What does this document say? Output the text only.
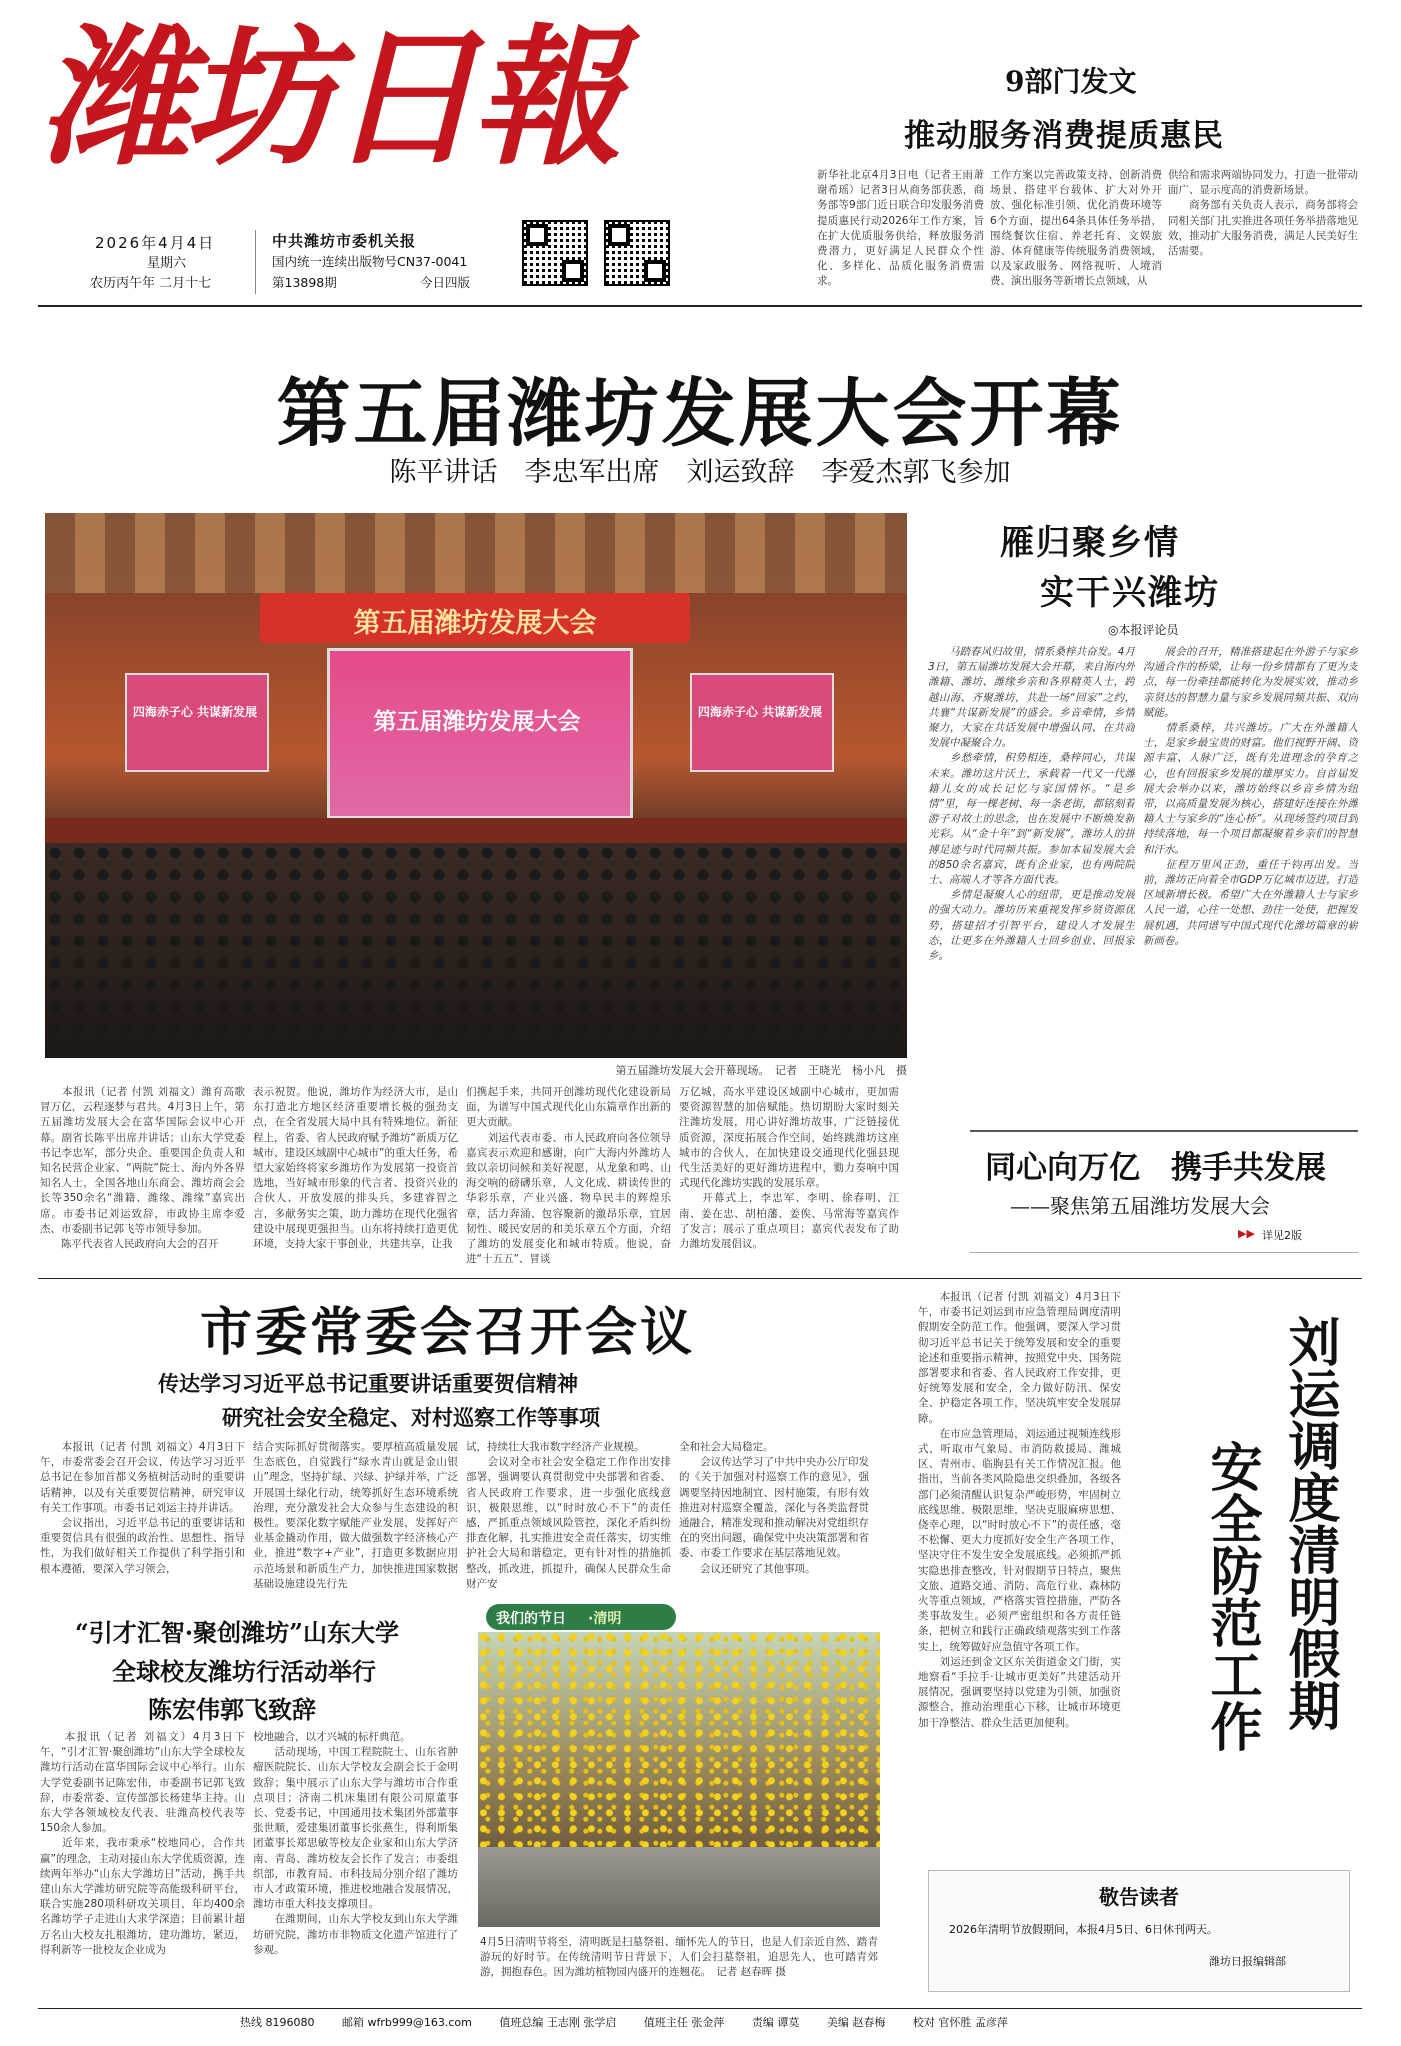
潍坊日報
2026年4月4日
星期六
农历丙午年 二月十七
中共潍坊市委机关报
国内统一连续出版物号CN37-0041
第13898期	今日四版
9部门发文
推动服务消费提质惠民
新华社北京4月3日电（记者王雨萧 谢希瑶）记者3日从商务部获悉，商务部等9部门近日联合印发服务消费提质惠民行动2026年工作方案，旨在扩大优质服务供给，释放服务消费潜力，更好满足人民群众个性化、多样化、品质化服务消费需求。
工作方案以完善政策支持、创新消费场景、搭建平台载体、扩大对外开放、强化标准引领、优化消费环境等6个方面，提出64条具体任务举措，围绕餐饮住宿、养老托育、文娱旅游、体育健康等传统服务消费领域，以及家政服务、网络视听、人境消费、演出服务等新增长点领域，从
供给和需求两端协同发力，打造一批带动面广、显示度高的消费新场景。
　　商务部有关负责人表示，商务部将会同相关部门扎实推进各项任务举措落地见效，推动扩大服务消费，满足人民美好生活需要。
第五届潍坊发展大会开幕
陈平讲话　李忠军出席　刘运致辞　李爱杰郭飞参加
第五届潍坊发展大会
第五届潍坊发展大会
四海赤子心 共谋新发展	四海赤子心 共谋新发展
第五届潍坊发展大会开幕现场。　记者　王晓光　杨小凡　摄
雁归聚乡情
实干兴潍坊
◎本报评论员
　　马踏春风归故里，情系桑梓共奋发。4月3日，第五届潍坊发展大会开幕，来自海内外潍籍、潍坊、潍缘乡亲和各界精英人士，跨越山海、齐聚潍坊，共赴一场“回家”之约，共襄“共谋新发展”的盛会。乡音牵情，乡情聚力，大家在共话发展中增强认同、在共商发展中凝聚合力。
　　乡愁牵情，积势相连，桑梓同心，共谋未来。潍坊这片沃土，承载着一代又一代潍籍儿女的成长记忆与家国情怀。“是乡情”里，每一棵老树、每一条老街，都铭刻着游子对故土的思念，也在发展中不断焕发新光彩。从“金十年”到“新发展”，潍坊人的拼搏足迹与时代同频共振。参加本届发展大会的850余名嘉宾，既有企业家，也有两院院士、高端人才等各方面代表。
　　乡情是凝聚人心的纽带，更是推动发展的强大动力。潍坊历来重视发挥乡贤资源优势，搭建招才引智平台，建设人才发展生态，让更多在外潍籍人士回乡创业、回报家乡。
　　展会的召开，精准搭建起在外游子与家乡沟通合作的桥梁，让每一份乡情都有了更为支点，每一份牵挂都能转化为发展实效，推动乡亲贤达的智慧力量与家乡发展同频共振、双向赋能。
　　情系桑梓，共兴潍坊。广大在外潍籍人士，是家乡最宝贵的财富。他们视野开阔、资源丰富、人脉广泛，既有先进理念的孕育之心，也有回报家乡发展的雄厚实力。自首届发展大会举办以来，潍坊始终以乡音乡情为纽带，以高质量发展为核心，搭建好连接在外潍籍人士与家乡的“连心桥”。从现场签约项目到持续落地，每一个项目都凝聚着乡亲们的智慧和汗水。
　　征程万里风正劲，重任千钧再出发。当前，潍坊正向着全市GDP万亿城市迈进，打造区域新增长极。希望广大在外潍籍人士与家乡人民一道，心往一处想、劲往一处使，把握发展机遇，共同谱写中国式现代化潍坊篇章的崭新画卷。
同心向万亿　携手共发展
——聚焦第五届潍坊发展大会
▶▶ 详见2版
　　本报讯（记者 付凯 刘福文）潍育高歌冒万亿，云程逐梦与君共。4月3日上午，第五届潍坊发展大会在富华国际会议中心开幕。副省长陈平出席并讲话；山东大学党委书记李忠军，部分央企、重要国企负责人和知名民营企业家、“两院”院士、海内外各界知名人士，全国各地山东商会、潍坊商会会长等350余名“潍籍、潍缘、潍缘”嘉宾出席。市委书记刘运致辞，市政协主席李爱杰、市委副书记郭飞等市领导参加。
　　陈平代表省人民政府向大会的召开
表示祝贺。他说，潍坊作为经济大市，是山东打造北方地区经济重要增长极的强劲支点，在全省发展大局中具有特殊地位。新征程上，省委、省人民政府赋予潍坊“新质万亿城市、建设区域副中心城市”的重大任务，希望大家始终将家乡潍坊作为发展第一投资首选地，当好城市形象的代言者、投资兴业的合伙人、开放发展的排头兵，多建睿智之言，多献务实之策，助力潍坊在现代化强省建设中展现更强担当。山东将持续打造更优环境，支持大家干事创业，共建共享，让我
们携起手来，共同开创潍坊现代化建设新局面，为谱写中国式现代化山东篇章作出新的更大贡献。
　　刘运代表市委、市人民政府向各位领导嘉宾表示欢迎和感谢，向广大海内外潍坊人致以亲切问候和美好祝愿，从龙象和鸣、山海交响的磅礴乐章，人文化成、耕读传世的华彩乐章，产业兴盛、物阜民丰的辉煌乐章，活力奔涌、包容聚新的激昂乐章，宜居韧性、暖民安居的和美乐章五个方面，介绍了潍坊的发展变化和城市特质。他说，奋进“十五五”、冒谈
万亿城，高水平建设区域副中心城市，更加需要资源智慧的加倍赋能。热切期盼大家时刻关注潍坊发展，用心讲好潍坊故事，广泛链接优质资源，深度拓展合作空间，始终跳潍坊这座城市的合伙人，在加快建设交通现代化强县现代生活美好的更好潍坊进程中，勠力奏响中国式现代化潍坊实践的发展乐章。
　　开幕式上，李忠军、李明、徐春明、江南、姜在忠、胡柏藩、姜俟、马常海等嘉宾作了发言；展示了重点项目；嘉宾代表发布了助力潍坊发展倡议。
市委常委会召开会议
传达学习习近平总书记重要讲话重要贺信精神
研究社会安全稳定、对村巡察工作等事项
　　本报讯（记者 付凯 刘福文）4月3日下午，市委常委会召开会议，传达学习习近平总书记在参加首都义务植树活动时的重要讲话精神，以及有关重要贺信精神，研究审议有关工作事项。市委书记刘运主持并讲话。
　　会议指出，习近平总书记的重要讲话和重要贺信具有很强的政治性、思想性、指导性，为我们做好相关工作提供了科学指引和根本遵循，要深入学习领会，
结合实际抓好贯彻落实。要厚植高质量发展生态底色，自觉践行“绿水青山就是金山银山”理念，坚持扩绿、兴绿、护绿并举，广泛开展国土绿化行动，统筹抓好生态环境系统治理，充分激发社会大众参与生态建设的积极性。要深化数字赋能产业发展，发挥好产业基金撬动作用，做大做强数字经济核心产业，推进“数字+产业”，打造更多数据应用示范场景和新质生产力，加快推进国家数据基础设施建设先行先
试，持续壮大我市数字经济产业规模。
　　会议对全市社会安全稳定工作作出安排部署，强调要认真贯彻党中央部署和省委、省人民政府工作要求，进一步强化底线意识，极限思维，以“时时放心不下”的责任感，严抓重点领域风险管控，深化矛盾纠纷排查化解，扎实推进安全责任落实，切实维护社会大局和谐稳定，更有针对性的措施抓整改，抓改进，抓提升，确保人民群众生命财产安
全和社会大局稳定。
　　会议传达学习了中共中央办公厅印发的《关于加强对村巡察工作的意见》，强调要坚持因地制宜、因村施策，有形有效推进对村巡察全覆盖，深化与各类监督贯通融合，精准发现和推动解决对党组织存在的突出问题，确保党中央决策部署和省委、市委工作要求在基层落地见效。
　　会议还研究了其他事项。
“引才汇智·聚创潍坊”山东大学
全球校友潍坊行活动举行
陈宏伟郭飞致辞
　　本报讯（记者 刘福文）4月3日下午，“引才汇智·聚创潍坊”山东大学全球校友潍坊行活动在富华国际会议中心举行。山东大学党委副书记陈宏伟，市委副书记郭飞致辞，市委常委、宣传部部长杨建华主持。山东大学各领域校友代表、驻潍高校代表等150余人参加。
　　近年来，我市秉承“校地同心，合作共赢”的理念，主动对接山东大学优质资源，连续两年举办“山东大学潍坊日”活动，携手共建山东大学潍坊研究院等高能级科研平台，联合实施280项科研攻关项目，年均400余名潍坊学子走进山大求学深造；目前累计超万名山大校友扎根潍坊，建功潍坊，紧迈，得利新等一批校友企业成为
校地融合，以才兴城的标杆典范。
　　活动现场，中国工程院院士、山东省肿瘤医院院长、山东大学校友会副会长于金明致辞；集中展示了山东大学与潍坊市合作重点项目；济南二机床集团有限公司原董事长、党委书记，中国通用技术集团外部董事张世顺，爱建集团董事长张燕生，得利斯集团董事长郑思敏等校友企业家和山东大学济南、青岛、潍坊校友会长作了发言；市委组织部，市教育局、市科技局分别介绍了潍坊市人才政策环境，推进校地融合发展情况，潍坊市重大科技支撑项目。
　　在潍期间，山东大学校友到山东大学潍坊研究院，潍坊市非物质文化遗产馆进行了参观。
我们的节日 ·清明
4月5日清明节将至，清明既是扫墓祭祖、缅怀先人的节日，也是人们亲近自然、踏青游玩的好时节。在传统清明节日背景下，人们会扫墓祭祖，追思先人，也可踏青郊游，拥抱春色。因为潍坊植物园内盛开的连翘花。　记者 赵春晖 摄
　　本报讯（记者 付凯 刘福文）4月3日下午，市委书记刘运到市应急管理局调度清明假期安全防范工作。他强调，要深入学习贯彻习近平总书记关于统筹发展和安全的重要论述和重要指示精神，按照党中央、国务院部署要求和省委、省人民政府工作安排，更好统筹发展和安全，全力做好防汛、保安全、护稳定各项工作，坚决筑牢安全发展屏障。
　　在市应急管理局，刘运通过视频连线形式，听取市气象局、市消防救援局、潍城区、青州市、临朐县有关工作情况汇报。他指出，当前各类风险隐患交织叠加，各级各部门必须清醒认识复杂严峻形势，牢固树立底线思维、极限思维，坚决克服麻痹思想、侥幸心理，以“时时放心不下”的责任感，毫不松懈、更大力度抓好安全生产各项工作，坚决守住不发生安全发展底线。必须抓严抓实隐患排查整改，针对假期节日特点，聚焦文旅、道路交通、消防、高危行业、森林防火等重点领域，严格落实管控措施，严防各类事故发生。必须严密组织和各方责任链条，把树立和践行正确政绩观落实到工作落实上，统筹做好应急值守各项工作。
　　刘运还到金文区东关街道金文门街，实地察看“手拉手·让城市更美好”共建活动开展情况，强调要坚持以党建为引领，加强资源整合，推动治理重心下移，让城市环境更加干净整洁、群众生活更加便利。	刘运调度清明假期
安全防范工作
敬告读者
2026年清明节放假期间，本报4月5日、6日休刊两天。
潍坊日报编辑部
热线 8196080	邮箱 wfrb999@163.com	值班总编 王志刚 张学启	值班主任 张金萍	责编 谭莫	美编 赵春梅	校对 官怀胜 孟彦萍
